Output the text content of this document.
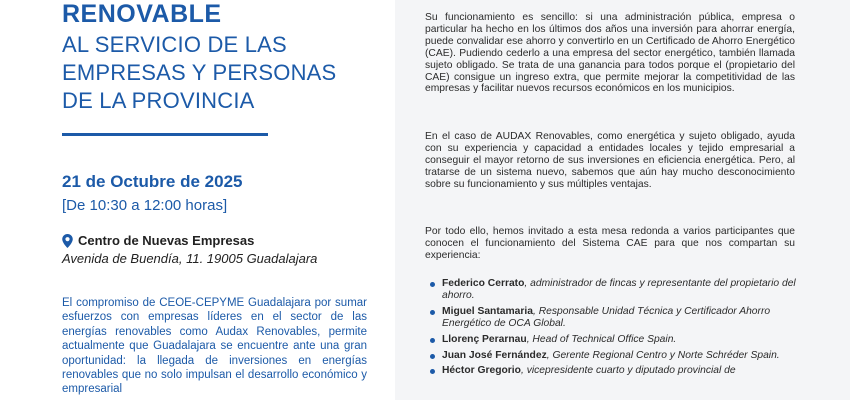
RENOVABLE
AL SERVICIO DE LAS
EMPRESAS Y PERSONAS
DE LA PROVINCIA
21 de Octubre de 2025
[De 10:30 a 12:00 horas]
Centro de Nuevas Empresas
Avenida de Buendía, 11. 19005 Guadalajara
El compromiso de CEOE-CEPYME Guadalajara por sumar esfuerzos con empresas líderes en el sector de las energías renovables como Audax Renovables, permite actualmente que Guadalajara se encuentre ante una gran oportunidad: la llegada de inversiones en energías renovables que no solo impulsan el desarrollo económico y empresarial
Su funcionamiento es sencillo: si una administración pública, empresa o particular ha hecho en los últimos dos años una inversión para ahorrar energía, puede convalidar ese ahorro y convertirlo en un Certificado de Ahorro Energético (CAE). Pudiendo cederlo a una empresa del sector energético, también llamada sujeto obligado. Se trata de una ganancia para todos porque el (propietario del CAE) consigue un ingreso extra, que permite mejorar la competitividad de las empresas y facilitar nuevos recursos económicos en los municipios.
En el caso de AUDAX Renovables, como energética y sujeto obligado, ayuda con su experiencia y capacidad a entidades locales y tejido empresarial a conseguir el mayor retorno de sus inversiones en eficiencia energética. Pero, al tratarse de un sistema nuevo, sabemos que aún hay mucho desconocimiento sobre su funcionamiento y sus múltiples ventajas.
Por todo ello, hemos invitado a esta mesa redonda a varios participantes que conocen el funcionamiento del Sistema CAE para que nos compartan su experiencia:
Federico Cerrato, administrador de fincas y representante del propietario del ahorro.
Miguel Santamaria, Responsable Unidad Técnica y Certificador Ahorro Energético de OCA Global.
Llorenç Perarnau, Head of Technical Office Spain.
Juan José Fernández, Gerente Regional Centro y Norte Schréder Spain.
Héctor Gregorio, vicepresidente cuarto y diputado provincial de
